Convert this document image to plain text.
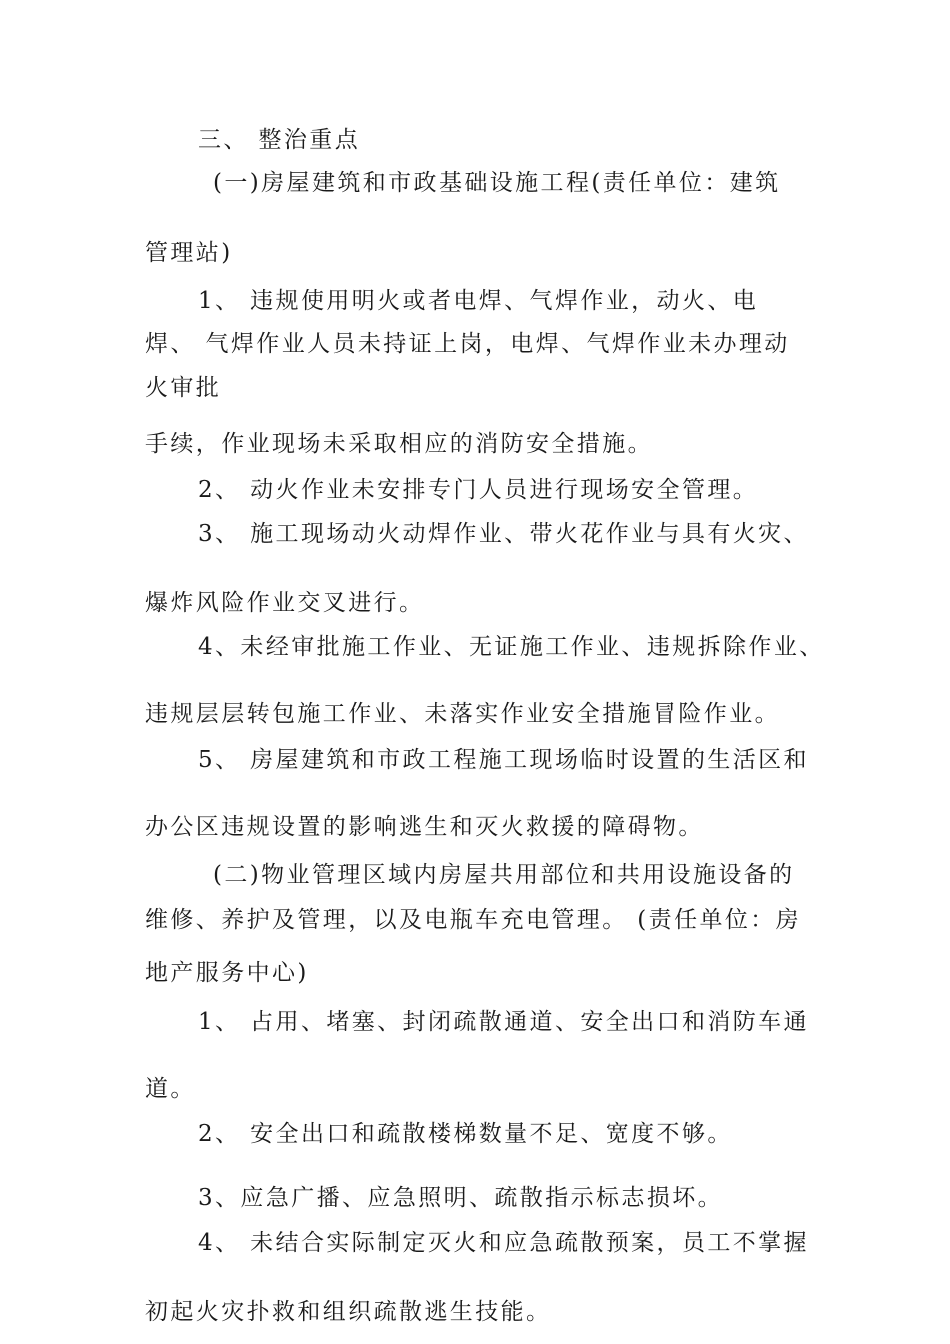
三、 整治重点
(一)房屋建筑和市政基础设施工程(责任单位：建筑
管理站)
1、 违规使用明火或者电焊、气焊作业，动火、电
焊、 气焊作业人员未持证上岗，电焊、气焊作业未办理动
火审批
手续，作业现场未采取相应的消防安全措施。
2、 动火作业未安排专门人员进行现场安全管理。
3、 施工现场动火动焊作业、带火花作业与具有火灾、
爆炸风险作业交叉进行。
4、未经审批施工作业、无证施工作业、违规拆除作业、
违规层层转包施工作业、未落实作业安全措施冒险作业。
5、 房屋建筑和市政工程施工现场临时设置的生活区和
办公区违规设置的影响逃生和灭火救援的障碍物。
(二)物业管理区域内房屋共用部位和共用设施设备的
维修、养护及管理，以及电瓶车充电管理。 (责任单位：房
地产服务中心)
1、 占用、堵塞、封闭疏散通道、安全出口和消防车通
道。
2、 安全出口和疏散楼梯数量不足、宽度不够。
3、应急广播、应急照明、疏散指示标志损坏。
4、 未结合实际制定灭火和应急疏散预案，员工不掌握
初起火灾扑救和组织疏散逃生技能。
